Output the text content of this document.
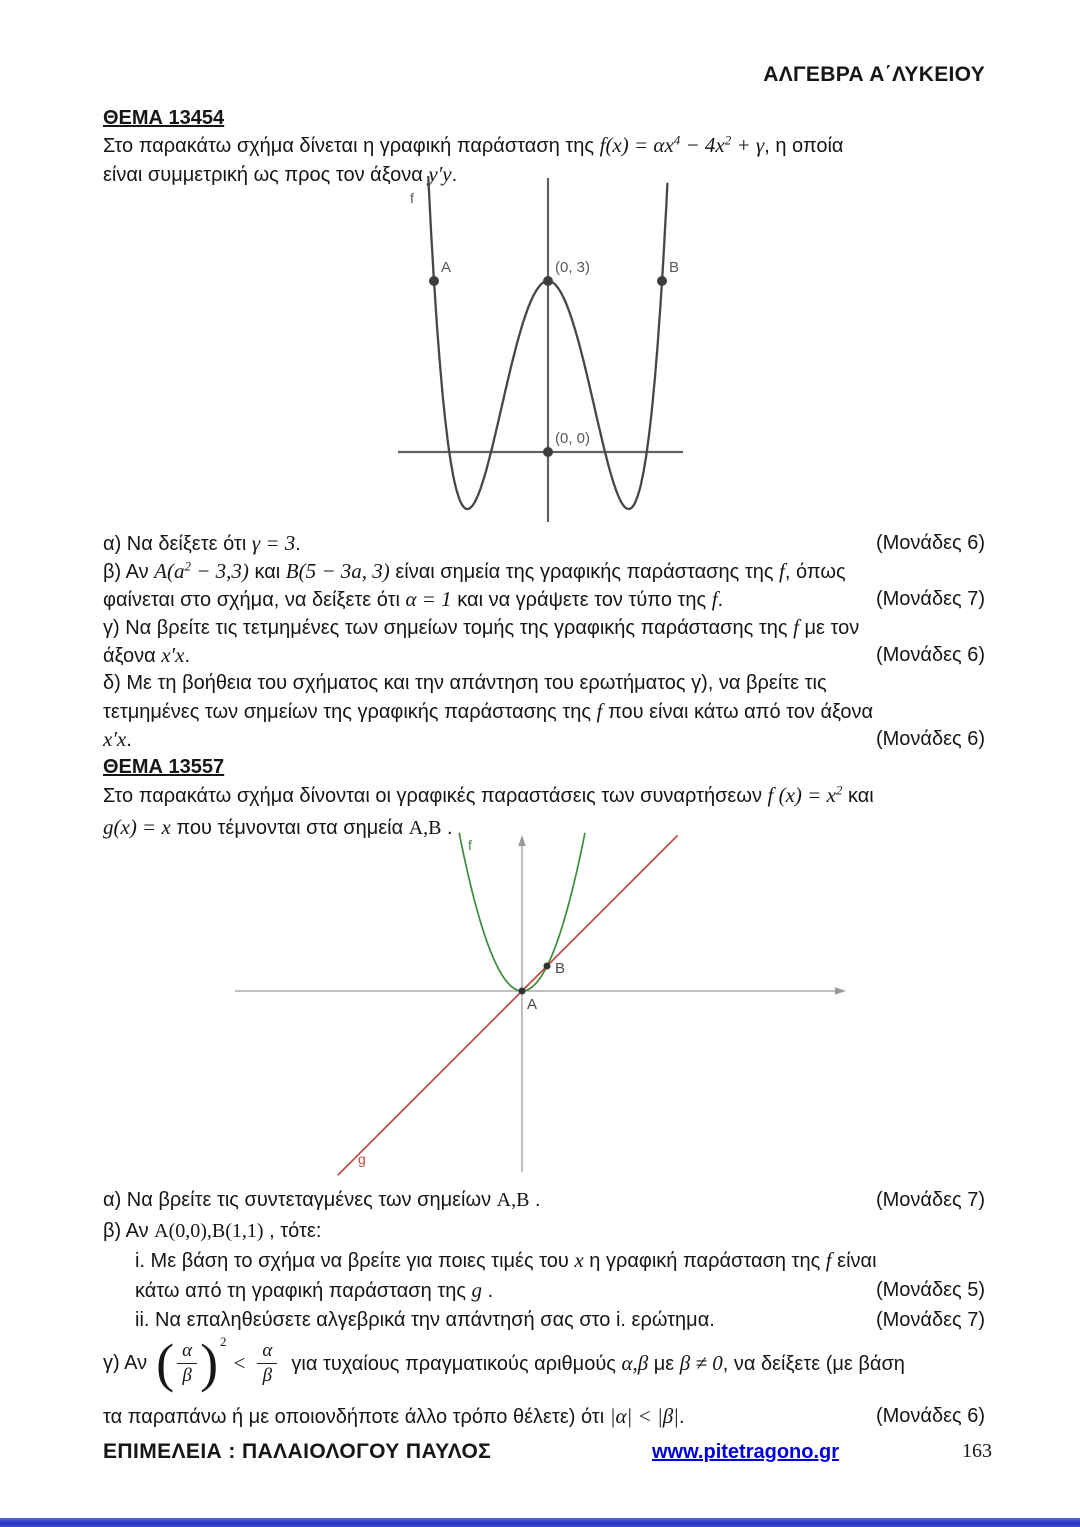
ΑΛΓΕΒΡΑ Α΄ΛΥΚΕΙΟΥ
ΘΕΜΑ 13454
Στο παρακάτω σχήμα δίνεται η γραφική παράσταση της $f(x) = \alpha x^4 - 4x^2 + \gamma$, η οποία
είναι συμμετρική ως προς τον άξονα y′y.
f
A	(0, 3)	B
(0, 0)
α) Να δείξετε ότι γ = 3.	(Μονάδες 6)
β) Αν $A(a^2 - 3,3)$ και B(5 − 3a, 3) είναι σημεία της γραφικής παράστασης της f, όπως
φαίνεται στο σχήμα, να δείξετε ότι α = 1 και να γράψετε τον τύπο της f.	(Μονάδες 7)
γ) Να βρείτε τις τετμημένες των σημείων τομής της γραφικής παράστασης της f με τον
άξονα x′x.	(Μονάδες 6)
δ) Με τη βοήθεια του σχήματος και την απάντηση του ερωτήματος γ), να βρείτε τις
τετμημένες των σημείων της γραφικής παράστασης της f που είναι κάτω από τον άξονα
x′x.	(Μονάδες 6)
ΘΕΜΑ 13557
Στο παρακάτω σχήμα δίνονται οι γραφικές παραστάσεις των συναρτήσεων f $(x) = x^2$ και
g(x) = x που τέμνονται στα σημεία A,B .
f
g
A
B
α) Να βρείτε τις συντεταγμένες των σημείων A,B .	(Μονάδες 7)
β) Αν A(0,0),B(1,1) , τότε:
i. Με βάση το σχήμα να βρείτε για ποιες τιμές του x η γραφική παράσταση της f είναι
κάτω από τη γραφική παράσταση της g .	(Μονάδες 5)
ii. Να επαληθεύσετε αλγεβρικά την απάντησή σας στο i. ερώτημα.	(Μονάδες 7)
γ) Αν ( $\frac{\alpha}{\beta} )^2$
< $\frac{\alpha}{\beta}$ για τυχαίους πραγματικούς αριθμούς α,β με β ≠ 0, να δείξετε (με βάση
τα παραπάνω ή με οποιονδήποτε άλλο τρόπο θέλετε) ότι |α| < |β|.	(Μονάδες 6)
ΕΠΙΜΕΛΕΙΑ : ΠΑΛΑΙΟΛΟΓΟΥ ΠΑΥΛΟΣ	www.pitetragono.gr	163
